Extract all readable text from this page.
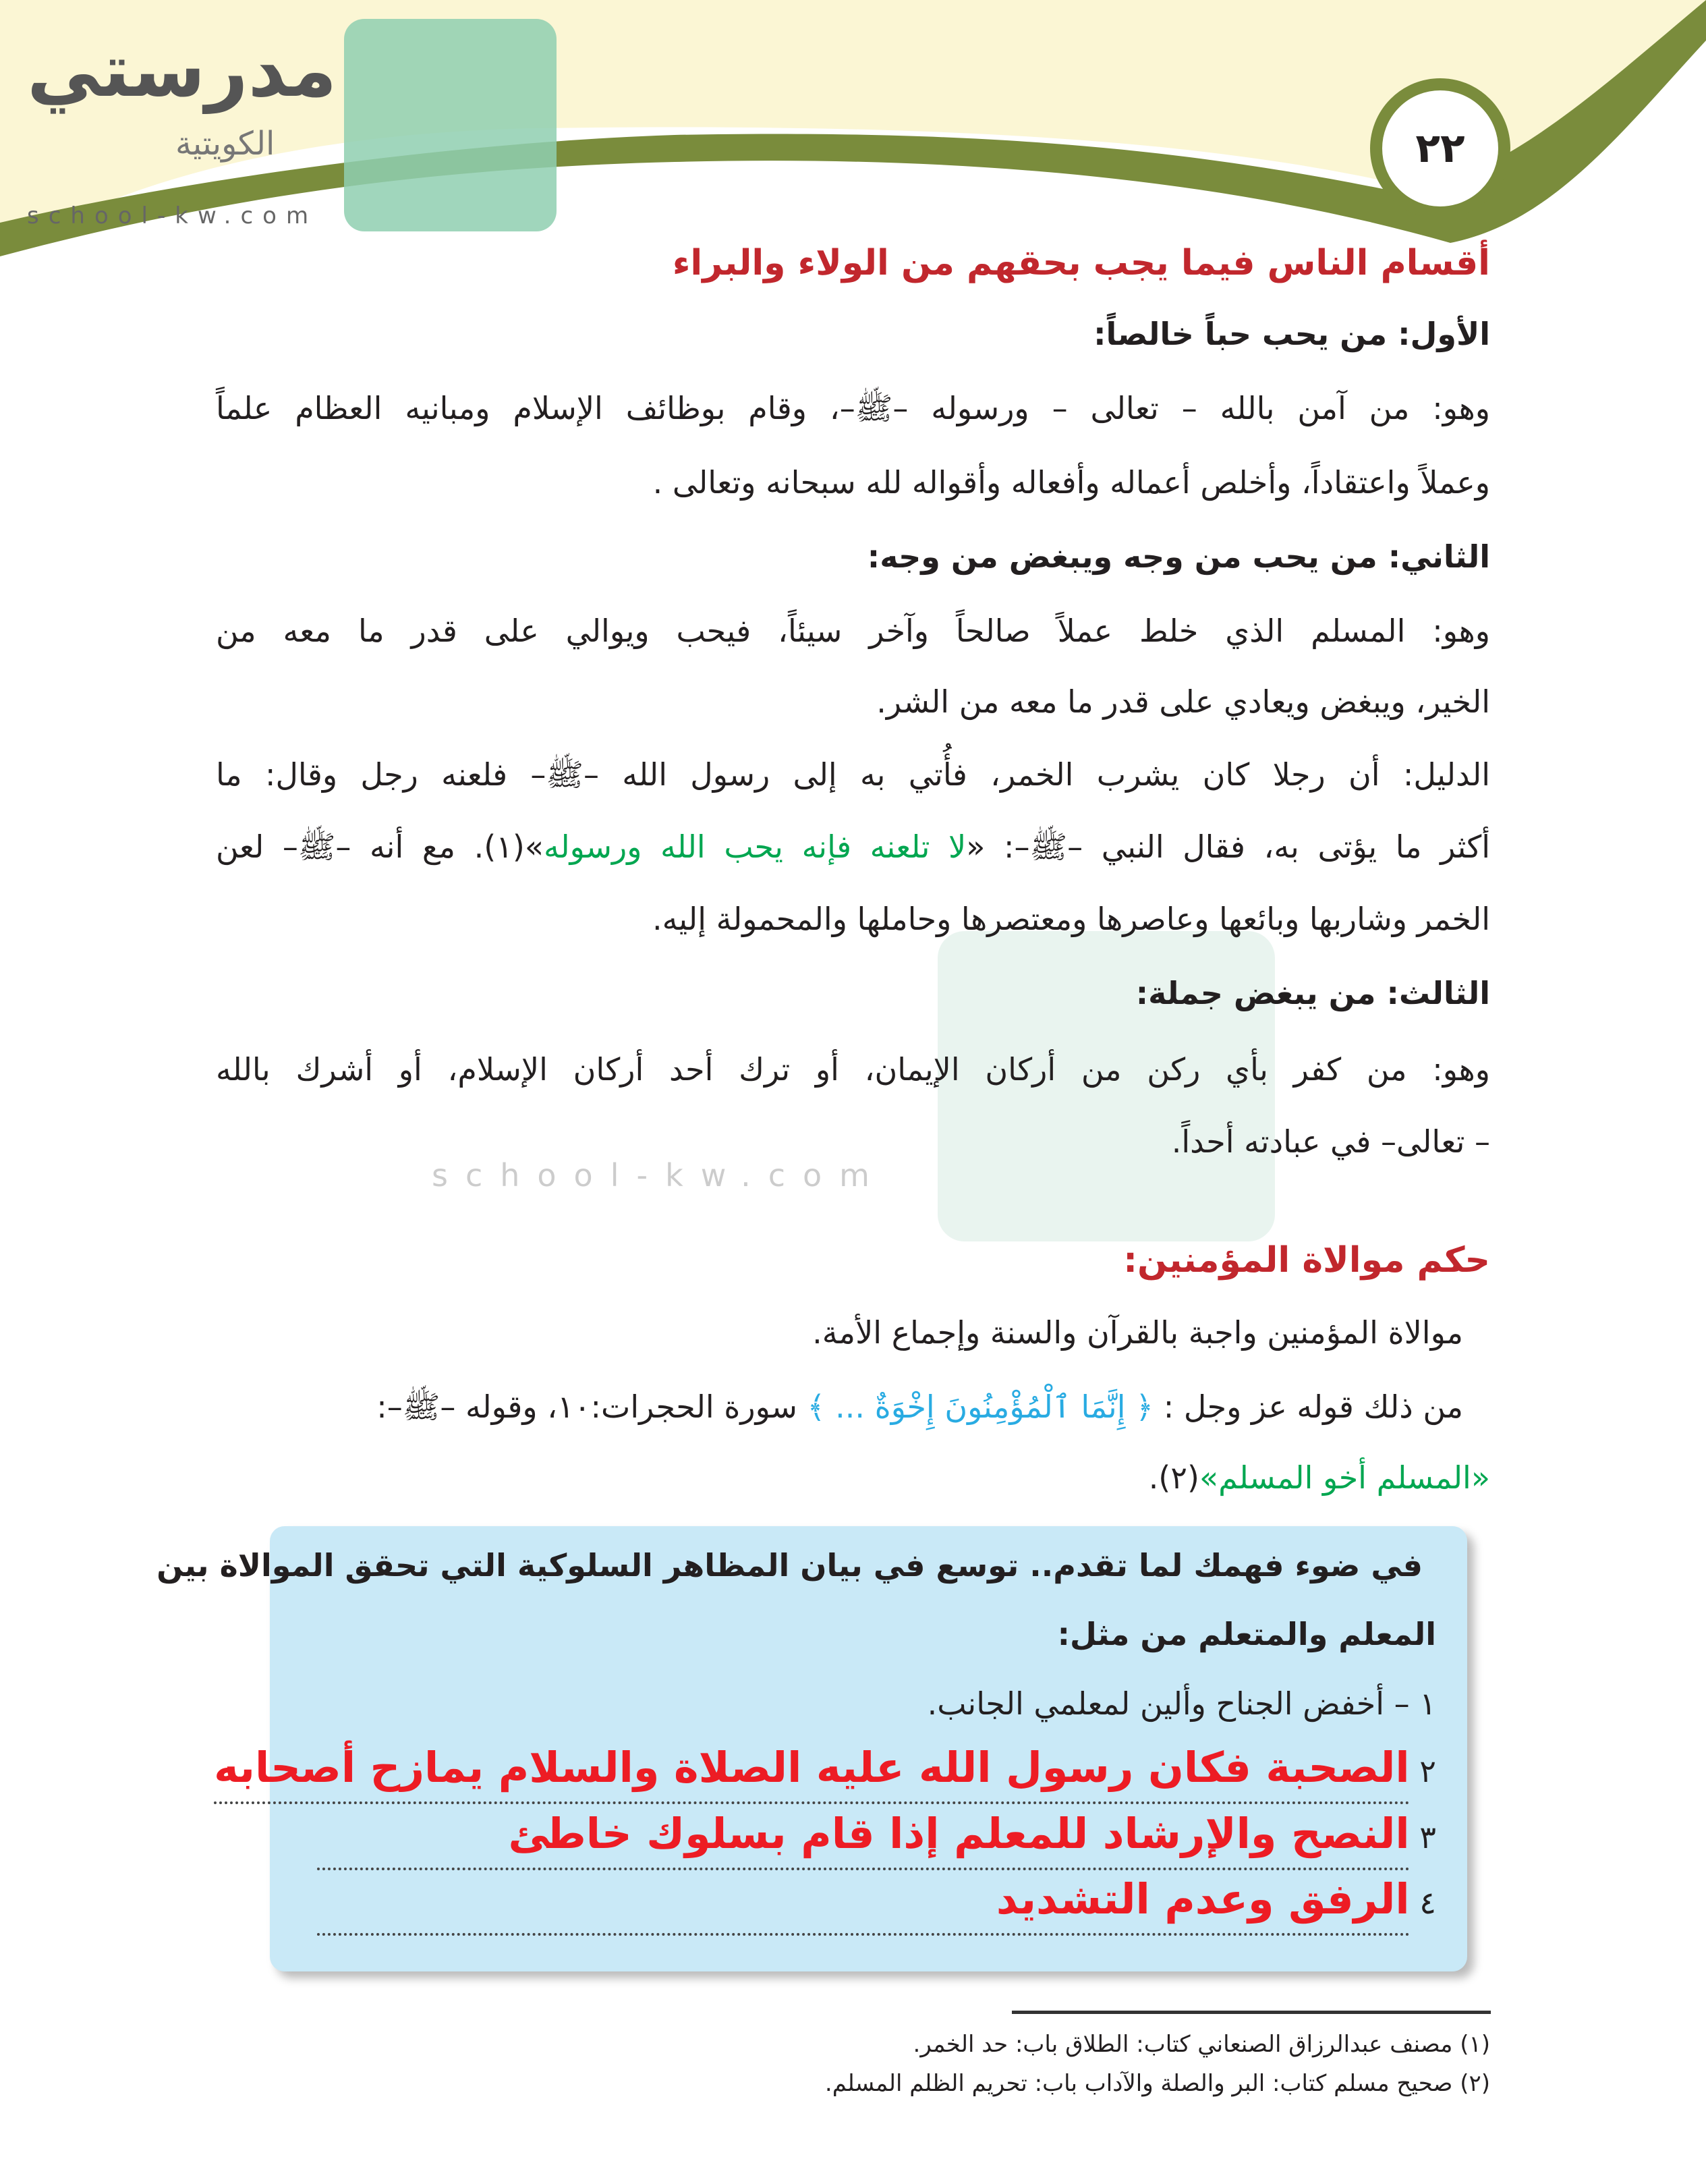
٢٢
مدرستي
الكويتية
school-kw.com
school-kw.com
أقسام الناس فيما يجب بحقهم من الولاء والبراء
الأول: من يحب حباً خالصاً:
وهو: من آمن بالله – تعالى – ورسوله –ﷺ–، وقام بوظائف الإسلام ومبانيه العظام علماً
وعملاً واعتقاداً، وأخلص أعماله وأفعاله وأقواله لله سبحانه وتعالى .
الثاني: من يحب من وجه ويبغض من وجه:
وهو: المسلم الذي خلط عملاً صالحاً وآخر سيئاً، فيحب ويوالي على قدر ما معه من
الخير، ويبغض ويعادي على قدر ما معه من الشر.
الدليل: أن رجلا كان يشرب الخمر، فأُتي به إلى رسول الله –ﷺ– فلعنه رجل وقال: ما
أكثر ما يؤتى به، فقال النبي –ﷺ–: «لا تلعنه فإنه يحب الله ورسوله»(١). مع أنه –ﷺ– لعن
الخمر وشاربها وبائعها وعاصرها ومعتصرها وحاملها والمحمولة إليه.
الثالث: من يبغض جملة:
وهو: من كفر بأي ركن من أركان الإيمان، أو ترك أحد أركان الإسلام، أو أشرك بالله
– تعالى– في عبادته أحداً.
حكم موالاة المؤمنين:
موالاة المؤمنين واجبة بالقرآن والسنة وإجماع الأمة.
من ذلك قوله عز وجل : ﴿ إِنَّمَا ٱلْمُؤْمِنُونَ إِخْوَةٌ ... ﴾ سورة الحجرات:١٠، وقوله –ﷺ–:
«المسلم أخو المسلم»(٢).
في ضوء فهمك لما تقدم.. توسع في بيان المظاهر السلوكية التي تحقق الموالاة بين
المعلم والمتعلم من مثل:
١ – أخفض الجناح وألين لمعلمي الجانب.
٢ الصحبة فكان رسول الله عليه الصلاة والسلام يمازح أصحابه
٣ النصح والإرشاد للمعلم إذا قام بسلوك خاطئ
٤ الرفق وعدم التشديد
(١) مصنف عبدالرزاق الصنعاني كتاب: الطلاق باب: حد الخمر.
(٢) صحيح مسلم كتاب: البر والصلة والآداب باب: تحريم الظلم المسلم.
